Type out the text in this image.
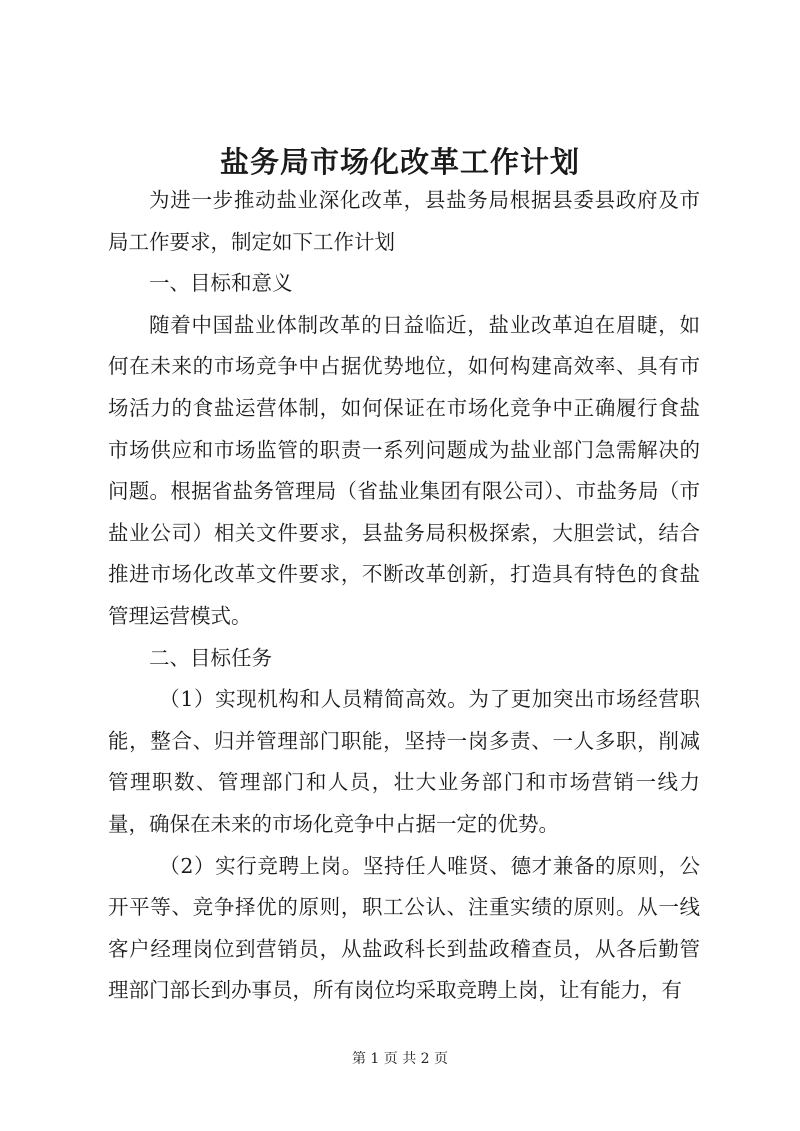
盐务局市场化改革工作计划

为进一步推动盐业深化改革，县盐务局根据县委县政府及市局工作要求，制定如下工作计划

一、目标和意义

随着中国盐业体制改革的日益临近，盐业改革迫在眉睫，如何在未来的市场竞争中占据优势地位，如何构建高效率、具有市场活力的食盐运营体制，如何保证在市场化竞争中正确履行食盐市场供应和市场监管的职责一系列问题成为盐业部门急需解决的问题。根据省盐务管理局（省盐业集团有限公司）、市盐务局（市盐业公司）相关文件要求，县盐务局积极探索，大胆尝试，结合推进市场化改革文件要求，不断改革创新，打造具有特色的食盐管理运营模式。

二、目标任务

（1）实现机构和人员精简高效。为了更加突出市场经营职能，整合、归并管理部门职能，坚持一岗多责、一人多职，削减管理职数、管理部门和人员，壮大业务部门和市场营销一线力量，确保在未来的市场化竞争中占据一定的优势。

（2）实行竞聘上岗。坚持任人唯贤、德才兼备的原则，公开平等、竞争择优的原则，职工公认、注重实绩的原则。从一线客户经理岗位到营销员，从盐政科长到盐政稽查员，从各后勤管理部门部长到办事员，所有岗位均采取竞聘上岗，让有能力，有

第 1 页 共 2 页
